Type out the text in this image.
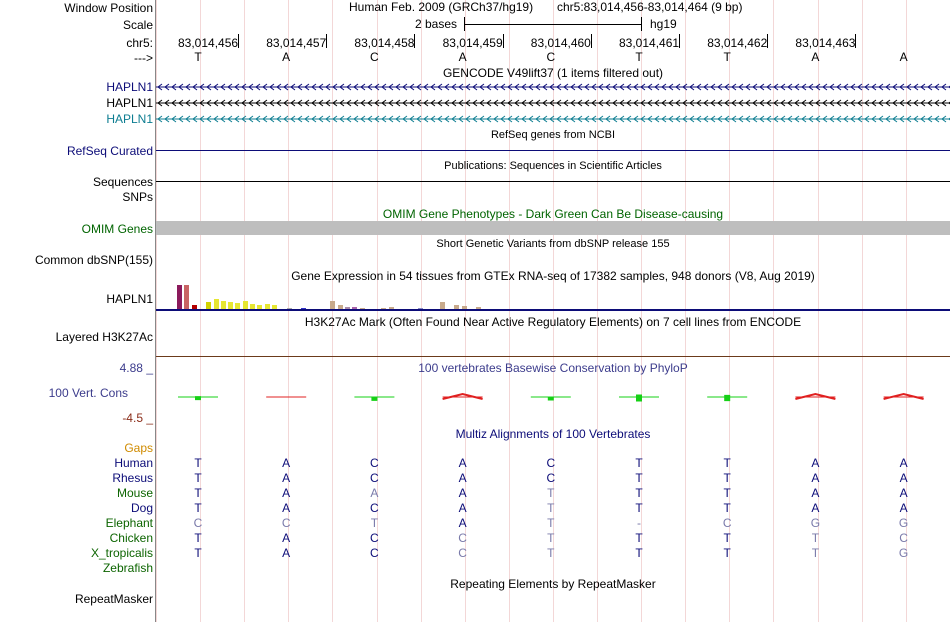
Window Position	Human Feb. 2009 (GRCh37/hg19) chr5:83,014,456-83,014,464 (9 bp)
Scale	2 bases	hg19
chr5: 83,014,456 83,014,457 83,014,458 83,014,459 83,014,460 83,014,461 83,014,462 83,014,463
--->	T	A	C	A	C	T	T	A	A
GENCODE V49lift37 (1 items filtered out)
HAPLN1
HAPLN1
HAPLN1
RefSeq genes from NCBI
RefSeq Curated
Publications: Sequences in Scientific Articles
Sequences
SNPs
OMIM Gene Phenotypes - Dark Green Can Be Disease-causing
OMIM Genes
Short Genetic Variants from dbSNP release 155
Common dbSNP(155)
Gene Expression in 54 tissues from GTEx RNA-seq of 17382 samples, 948 donors (V8, Aug 2019)
HAPLN1
H3K27Ac Mark (Often Found Near Active Regulatory Elements) on 7 cell lines from ENCODE
Layered H3K27Ac
100 vertebrates Basewise Conservation by PhyloP
4.88 _
100 Vert. Cons
-4.5 _
Multiz Alignments of 100 Vertebrates
Gaps
Human	T	A	C	A	C	T	T	A	A
Rhesus	T	A	C	A	C	T	T	A	A
Mouse	T	A	A	A	T	T	T	A	A
Dog	T	A	C	A	T	T	T	A	A
Elephant	C	C	T	A	T	-	C	G	G
Chicken	T	A	C	C	T	T	T	T	C
X_tropicalis	T	A	C	C	T	T	T	T	G
Zebrafish
Repeating Elements by RepeatMasker
RepeatMasker
